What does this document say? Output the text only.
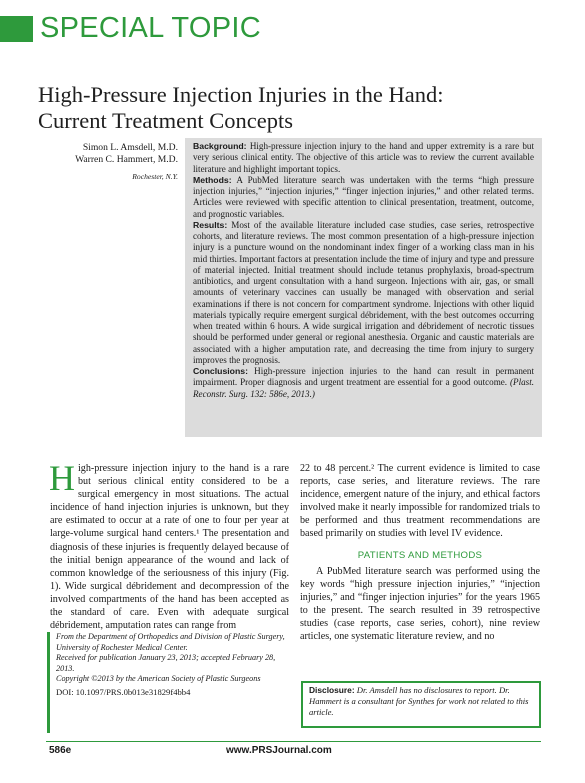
SPECIAL TOPIC
High-Pressure Injection Injuries in the Hand:
Current Treatment Concepts
Simon L. Amsdell, M.D.
Warren C. Hammert, M.D.
Rochester, N.Y.

Background: High-pressure injection injury to the hand and upper extremity is a rare but very serious clinical entity. The objective of this article was to review the current available literature and highlight important topics.

Methods: A PubMed literature search was undertaken with the terms “high pressure injection injuries,” “injection injuries,” “finger injection injuries,” and other related terms. Articles were reviewed with specific attention to clinical presentation, treatment, outcome, and prognostic variables.

Results: Most of the available literature included case studies, case series, retrospective cohorts, and literature reviews. The most common presentation of a high-pressure injection injury is a puncture wound on the nondominant index finger of a working class man in his mid thirties. Important factors at presentation include the time of injury and type and pressure of material injected. Initial treatment should include tetanus prophylaxis, broad-spectrum antibiotics, and urgent consultation with a hand surgeon. Injections with air, gas, or small amounts of veterinary vaccines can usually be managed with observation and serial examinations if there is not concern for compartment syndrome. Injections with other liquid materials typically require emergent surgical débridement, with the best outcomes occurring when treated within 6 hours. A wide surgical irrigation and débridement of necrotic tissues should be performed under general or regional anesthesia. Organic and caustic materials are associated with a higher amputation rate, and decreasing the time from injury to surgery improves the prognosis.

Conclusions: High-pressure injection injuries to the hand can result in permanent impairment. Proper diagnosis and urgent treatment are essential for a good outcome. (Plast. Reconstr. Surg. 132: 586e, 2013.)

High-pressure injection injury to the hand is a rare but serious clinical entity considered to be a surgical emergency in most situations. The actual incidence of hand injection injuries is unknown, but they are estimated to occur at a rate of one to four per year at large-volume surgical hand centers.¹ The presentation and diagnosis of these injuries is frequently delayed because of the initial benign appearance of the wound and lack of common knowledge of the seriousness of this injury (Fig. 1). Wide surgical débridement and decompression of the involved compartments of the hand has been accepted as the standard of care. Even with adequate surgical débridement, amputation rates can range from

22 to 48 percent.² The current evidence is limited to case reports, case series, and literature reviews. The rare incidence, emergent nature of the injury, and ethical factors involved make it nearly impossible for randomized trials to be performed and thus treatment recommendations are based primarily on studies with level IV evidence.

PATIENTS AND METHODS

A PubMed literature search was performed using the key words “high pressure injection injuries,” “injection injuries,” and “finger injection injuries” for the years 1965 to the present. The search resulted in 39 retrospective studies (case reports, case series, cohort), nine review articles, one systematic literature review, and no

From the Department of Orthopedics and Division of Plastic Surgery, University of Rochester Medical Center.
Received for publication January 23, 2013; accepted February 28, 2013.
Copyright ©2013 by the American Society of Plastic Surgeons
DOI: 10.1097/PRS.0b013e31829f4bb4	Disclosure: Dr. Amsdell has no disclosures to report. Dr. Hammert is a consultant for Synthes for work not related to this article.
586e	www.PRSJournal.com
